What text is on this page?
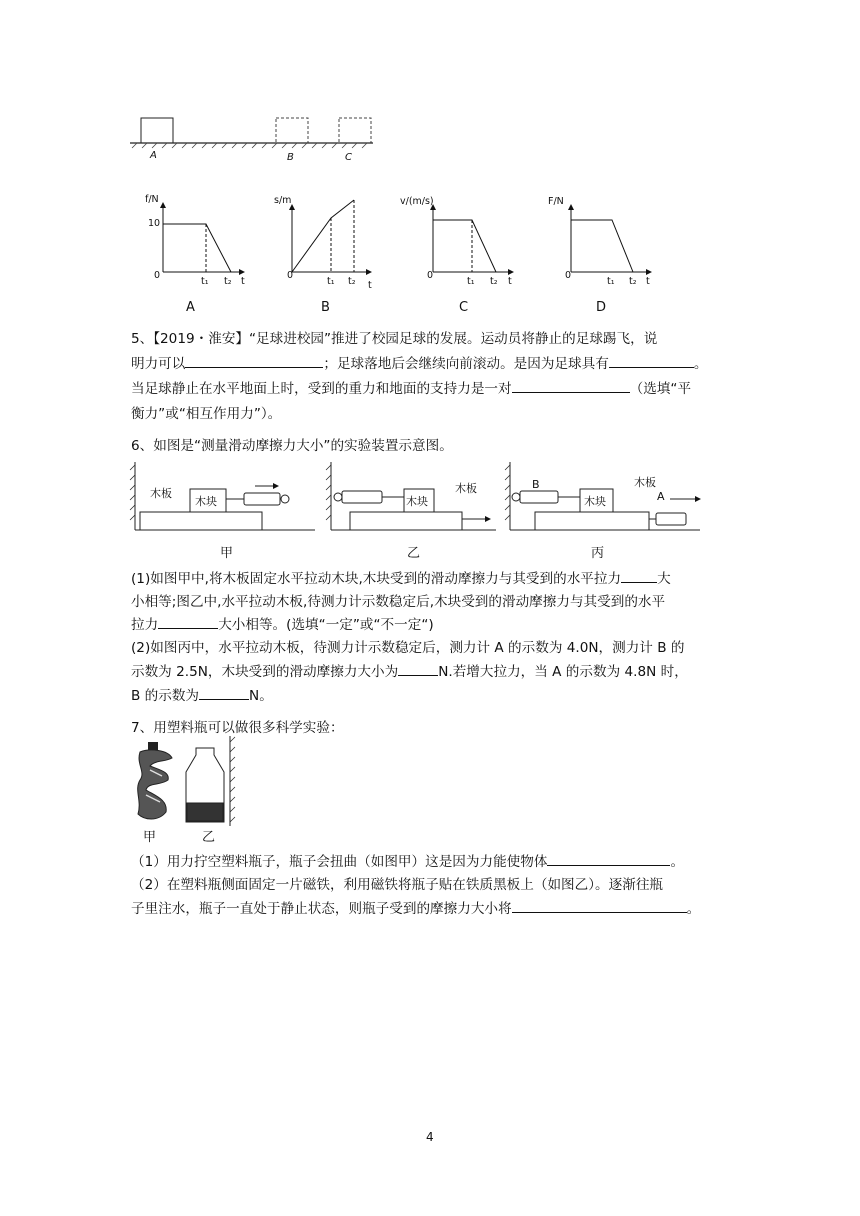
A	B	C
f/N
10
0
t₁ t₂ t
A
s/m
0
t₁ t₂ t
B
v/(m/s)
0
t₁ t₂ t
C
F/N
0
t₁ t₂ t
D
5、【2019・淮安】“足球进校园”推进了校园足球的发展。运动员将静止的足球踢飞，说
明力可以	；足球落地后会继续向前滚动。是因为足球具有	。
当足球静止在水平地面上时，受到的重力和地面的支持力是一对	（选填“平
衡力”或“相互作用力”）。
6、如图是“测量滑动摩擦力大小”的实验装置示意图。
木板
木块
木板
木块
B
木块
木板
A
甲	乙	丙
(1)如图甲中,将木板固定水平拉动木块,木块受到的滑动摩擦力与其受到的水平拉力	大
小相等;图乙中,水平拉动木板,待测力计示数稳定后,木块受到的滑动摩擦力与其受到的水平
拉力	大小相等。(选填“一定”或“不一定“)
(2)如图丙中，水平拉动木板，待测力计示数稳定后，测力计 A 的示数为 4.0N，测力计 B 的
示数为 2.5N，木块受到的滑动摩擦力大小为	N.若增大拉力，当 A 的示数为 4.8N 时，
B 的示数为	N。
7、用塑料瓶可以做很多科学实验：
甲	乙
（1）用力拧空塑料瓶子，瓶子会扭曲（如图甲）这是因为力能使物体	。
（2）在塑料瓶侧面固定一片磁铁，利用磁铁将瓶子贴在铁质黑板上（如图乙）。逐渐往瓶
子里注水，瓶子一直处于静止状态，则瓶子受到的摩擦力大小将	。
4
